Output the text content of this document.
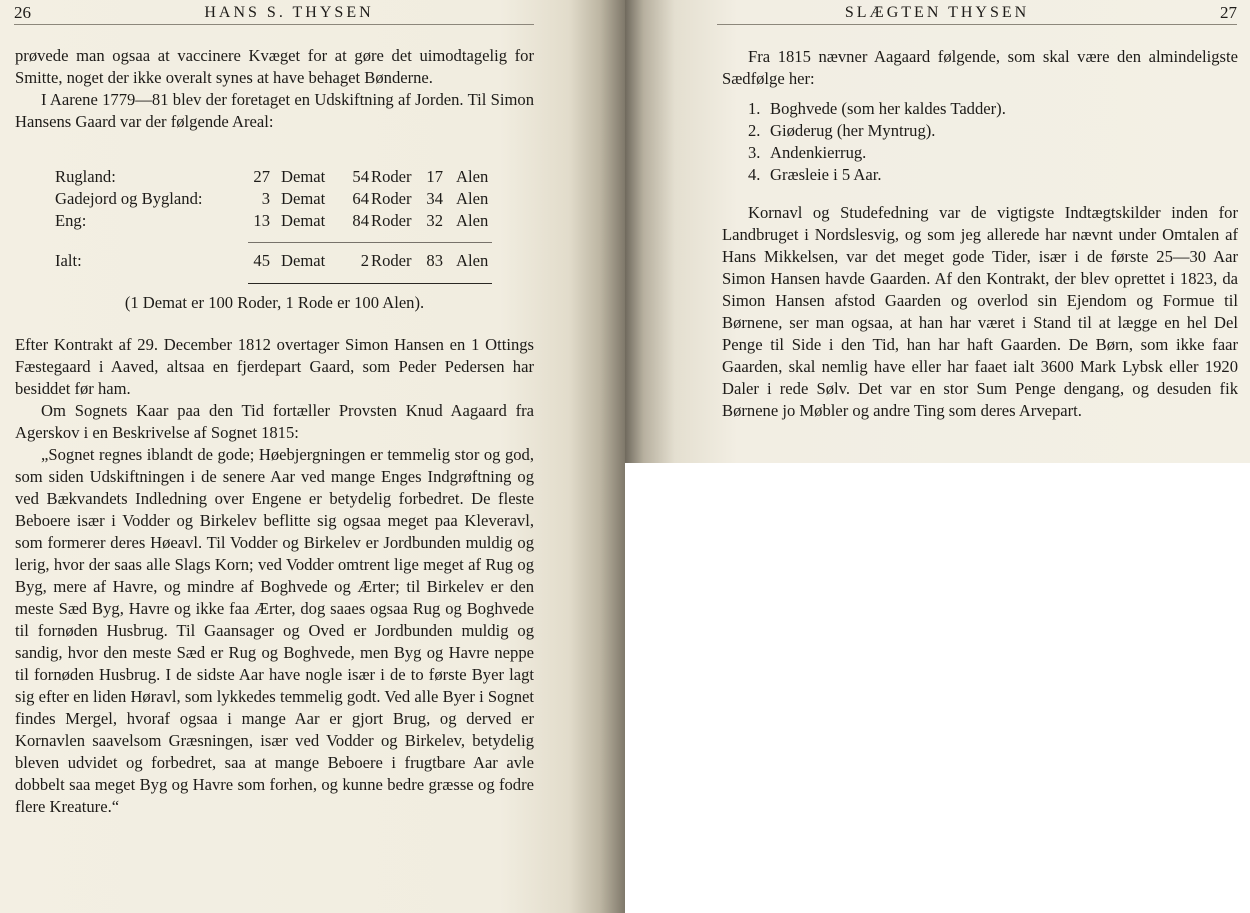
26	HANS S. THYSEN

prøvede man ogsaa at vaccinere Kvæget for at gøre det uimodtagelig for Smitte, noget der ikke overalt synes at have behaget Bønderne.

I Aarene 1779—81 blev der foretaget en Udskiftning af Jorden. Til Simon Hansens Gaard var der følgende Areal:

Rugland:	27 Demat 54 Roder 17 Alen
Gadejord og Bygland:	3 Demat 64 Roder 34 Alen
Eng:	13 Demat 84 Roder 32 Alen
Ialt:	45 Demat 2 Roder 83 Alen
(1 Demat er 100 Roder, 1 Rode er 100 Alen).

Efter Kontrakt af 29. December 1812 overtager Simon Hansen en 1 Ottings Fæstegaard i Aaved, altsaa en fjerdepart Gaard, som Peder Pedersen har besiddet før ham.

Om Sognets Kaar paa den Tid fortæller Provsten Knud Aagaard fra Agerskov i en Beskrivelse af Sognet 1815:

„Sognet regnes iblandt de gode; Høebjergningen er temmelig stor og god, som siden Udskiftningen i de senere Aar ved mange Enges Indgrøftning og ved Bækvandets Indledning over Engene er betydelig forbedret. De fleste Beboere især i Vodder og Birkelev beflitte sig ogsaa meget paa Kleveravl, som formerer deres Høeavl. Til Vodder og Birkelev er Jordbunden muldig og lerig, hvor der saas alle Slags Korn; ved Vodder omtrent lige meget af Rug og Byg, mere af Havre, og mindre af Boghvede og Ærter; til Birkelev er den meste Sæd Byg, Havre og ikke faa Ærter, dog saaes ogsaa Rug og Boghvede til fornøden Husbrug. Til Gaansager og Oved er Jordbunden muldig og sandig, hvor den meste Sæd er Rug og Boghvede, men Byg og Havre neppe til fornøden Husbrug. I de sidste Aar have nogle især i de to første Byer lagt sig efter en liden Høravl, som lykkedes temmelig godt. Ved alle Byer i Sognet findes Mergel, hvoraf ogsaa i mange Aar er gjort Brug, og derved er Kornavlen saavelsom Græsningen, især ved Vodder og Birkelev, betydelig bleven udvidet og forbedret, saa at mange Beboere i frugtbare Aar avle dobbelt saa meget Byg og Havre som forhen, og kunne bedre græsse og fodre flere Kreature.“

SLÆGTEN THYSEN	27

Fra 1815 nævner Aagaard følgende, som skal være den almindeligste Sædfølge her:

1. Boghvede (som her kaldes Tadder).
2. Giøderug (her Myntrug).
3. Andenkierrug.
4. Græsleie i 5 Aar.

Kornavl og Studefedning var de vigtigste Indtægtskilder inden for Landbruget i Nordslesvig, og som jeg allerede har nævnt under Omtalen af Hans Mikkelsen, var det meget gode Tider, især i de første 25—30 Aar Simon Hansen havde Gaarden. Af den Kontrakt, der blev oprettet i 1823, da Simon Hansen afstod Gaarden og overlod sin Ejendom og Formue til Børnene, ser man ogsaa, at han har været i Stand til at lægge en hel Del Penge til Side i den Tid, han har haft Gaarden. De Børn, som ikke faar Gaarden, skal nemlig have eller har faaet ialt 3600 Mark Lybsk eller 1920 Daler i rede Sølv. Det var en stor Sum Penge dengang, og desuden fik Børnene jo Møbler og andre Ting som deres Arvepart.
